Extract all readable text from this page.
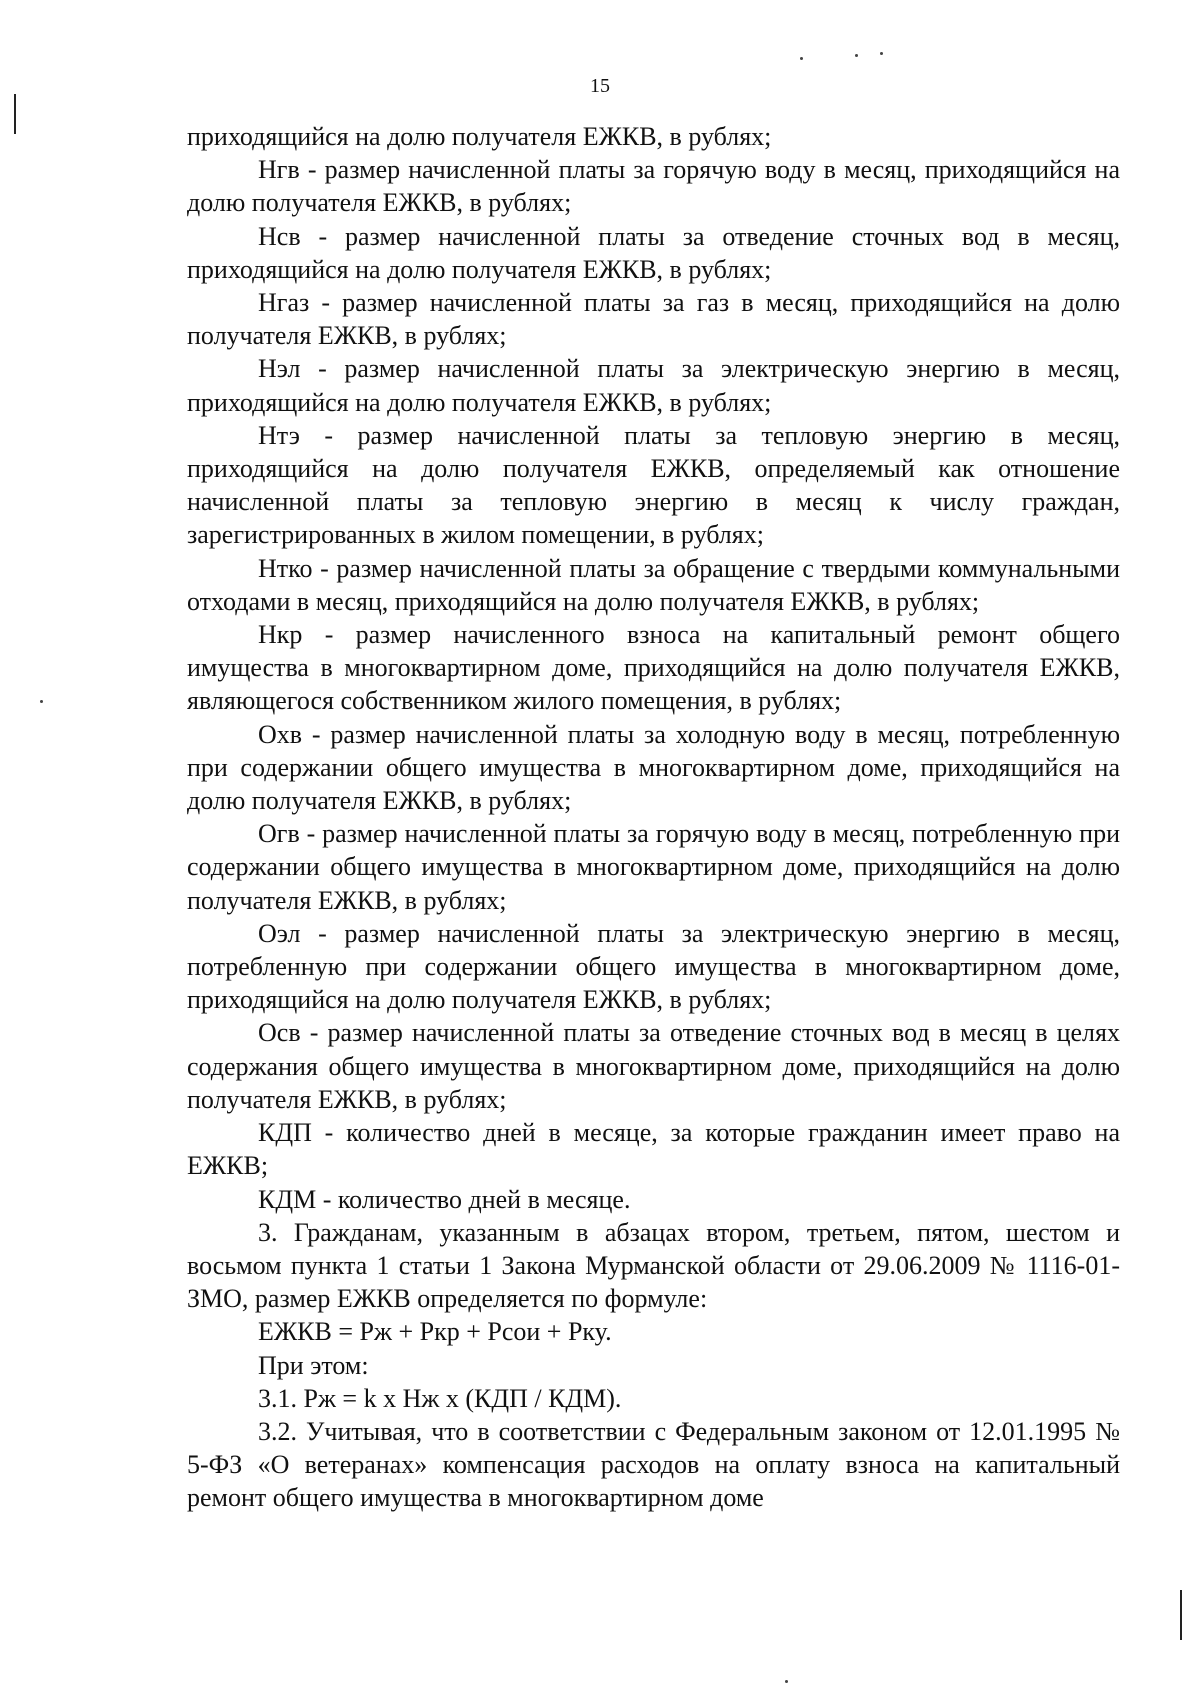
15

приходящийся на долю получателя ЕЖКВ, в рублях;

Нгв - размер начисленной платы за горячую воду в месяц, приходящийся на долю получателя ЕЖКВ, в рублях;

Нсв - размер начисленной платы за отведение сточных вод в месяц, приходящийся на долю получателя ЕЖКВ, в рублях;

Нгаз - размер начисленной платы за газ в месяц, приходящийся на долю получателя ЕЖКВ, в рублях;

Нэл - размер начисленной платы за электрическую энергию в месяц, приходящийся на долю получателя ЕЖКВ, в рублях;

Нтэ - размер начисленной платы за тепловую энергию в месяц, приходящийся на долю получателя ЕЖКВ, определяемый как отношение начисленной платы за тепловую энергию в месяц к числу граждан, зарегистрированных в жилом помещении, в рублях;

Нтко - размер начисленной платы за обращение с твердыми коммунальными отходами в месяц, приходящийся на долю получателя ЕЖКВ, в рублях;

Нкр - размер начисленного взноса на капитальный ремонт общего имущества в многоквартирном доме, приходящийся на долю получателя ЕЖКВ, являющегося собственником жилого помещения, в рублях;

Охв - размер начисленной платы за холодную воду в месяц, потребленную при содержании общего имущества в многоквартирном доме, приходящийся на долю получателя ЕЖКВ, в рублях;

Огв - размер начисленной платы за горячую воду в месяц, потребленную при содержании общего имущества в многоквартирном доме, приходящийся на долю получателя ЕЖКВ, в рублях;

Оэл - размер начисленной платы за электрическую энергию в месяц, потребленную при содержании общего имущества в многоквартирном доме, приходящийся на долю получателя ЕЖКВ, в рублях;

Осв - размер начисленной платы за отведение сточных вод в месяц в целях содержания общего имущества в многоквартирном доме, приходящийся на долю получателя ЕЖКВ, в рублях;

КДП - количество дней в месяце, за которые гражданин имеет право на ЕЖКВ;

КДМ - количество дней в месяце.

3. Гражданам, указанным в абзацах втором, третьем, пятом, шестом и восьмом пункта 1 статьи 1 Закона Мурманской области от 29.06.2009 № 1116-01-ЗМО, размер ЕЖКВ определяется по формуле:

ЕЖКВ = Рж + Ркр + Рсои + Рку.

При этом:

3.1. Рж = k х Нж х (КДП / КДМ).

3.2. Учитывая, что в соответствии с Федеральным законом от 12.01.1995 № 5-ФЗ «О ветеранах» компенсация расходов на оплату взноса на капитальный ремонт общего имущества в многоквартирном доме
